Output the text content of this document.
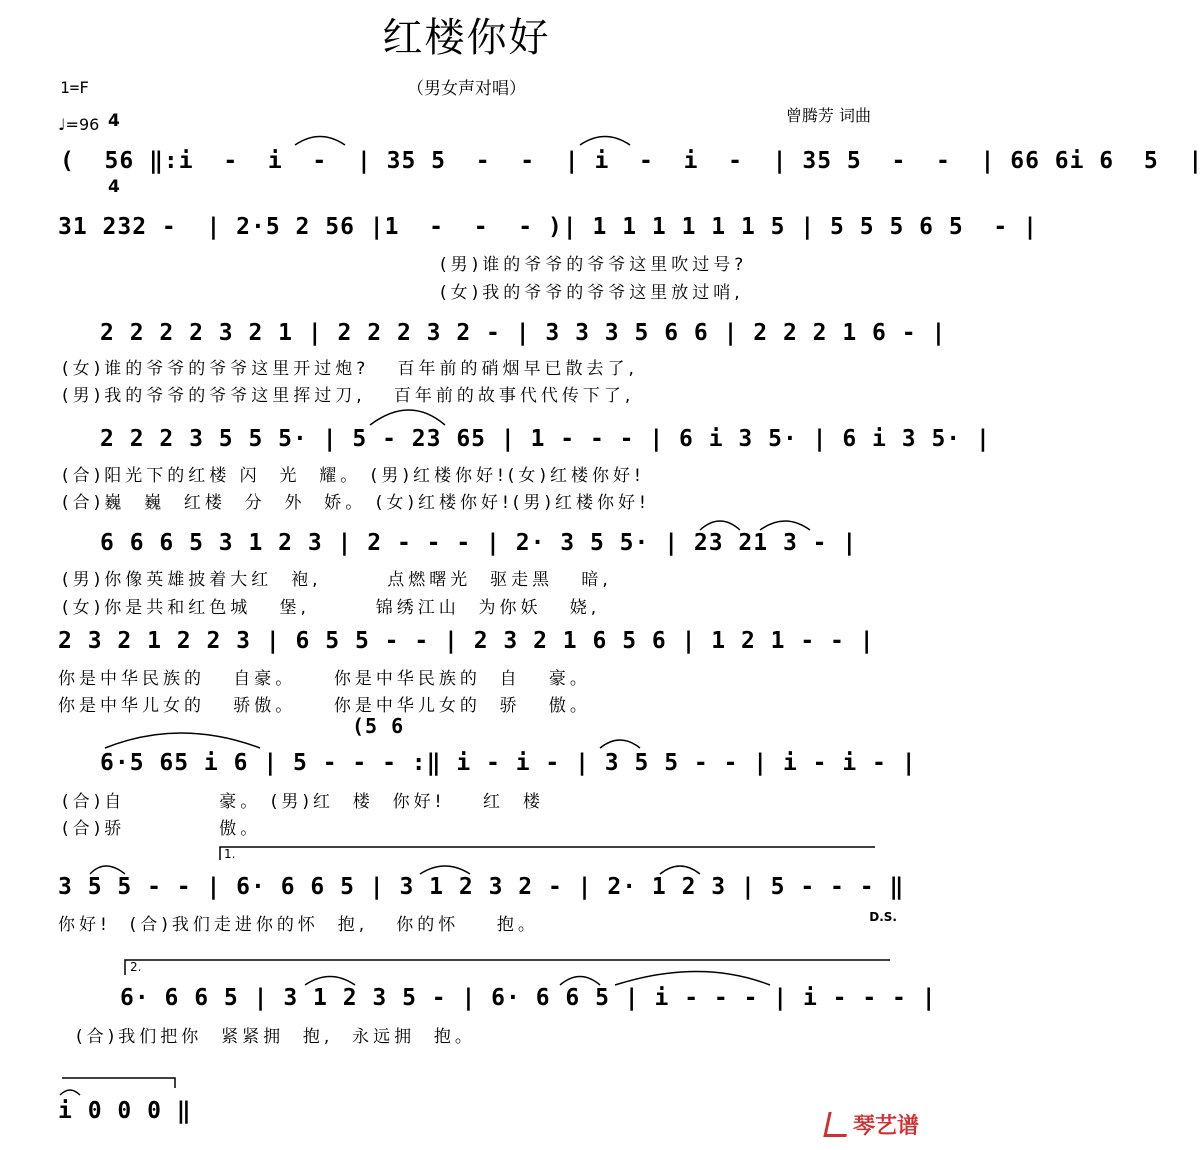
红楼你好
（男女声对唱）
曾腾芳 词曲
1=F

4

4

♩=96
(  56 ‖:i  -  i  -  | 35 5  -  -  | i  -  i  -  | 35 5  -  -  | 66 6i 6  5  |
31 232 -  | 2·5 2 56 |1  -  -  - )| 1 1 1 1 1 1 5 | 5 5 5 6 5  - |
(男)谁的爷爷的爷爷这里吹过号?
(女)我的爷爷的爷爷这里放过哨,
2 2 2 2 3 2 1 | 2 2 2 3 2 - | 3 3 3 5 6 6 | 2 2 2 1 6 - |
(女)谁的爷爷的爷爷这里开过炮?   百年前的硝烟早已散去了,
(男)我的爷爷的爷爷这里挥过刀,   百年前的故事代代传下了,
2 2 2 3 5 5 5· | 5 - 23 65 | 1 - - - | 6 i 3 5· | 6 i 3 5· |
(合)阳光下的红楼 闪  光  耀。 (男)红楼你好!(女)红楼你好!
(合)巍  巍  红楼  分  外  娇。 (女)红楼你好!(男)红楼你好!
6 6 6 5 3 1 2 3 | 2 - - - | 2· 3 5 5· | 23 21 3 - |
(男)你像英雄披着大红  袍,       点燃曙光  驱走黑   暗,
(女)你是共和红色城   堡,       锦绣江山  为你妖   娆,
2 3 2 1 2 2 3 | 6 5 5 - - | 2 3 2 1 6 5 6 | 1 2 1 - - |
你是中华民族的   自豪。    你是中华民族的  自   豪。
你是中华儿女的   骄傲。    你是中华儿女的  骄   傲。
(5 6
6·5 65 i 6 | 5 - - - :‖ i - i - | 3 5 5 - - | i - i - |
(合)自          豪。 (男)红  楼  你好!    红  楼
(合)骄          傲。
1.
3 5 5 - - | 6· 6 6 5 | 3 1 2 3 2 - | 2· 1 2 3 | 5 - - - ‖
你好!  (合)我们走进你的怀  抱,   你的怀    抱。	D.S.
2.
6· 6 6 5 | 3 1 2 3 5 - | 6· 6 6 5 | i - - - | i - - - |
(合)我们把你  紧紧拥  抱,  永远拥  抱。
i 0 0 0 ‖
琴艺谱
